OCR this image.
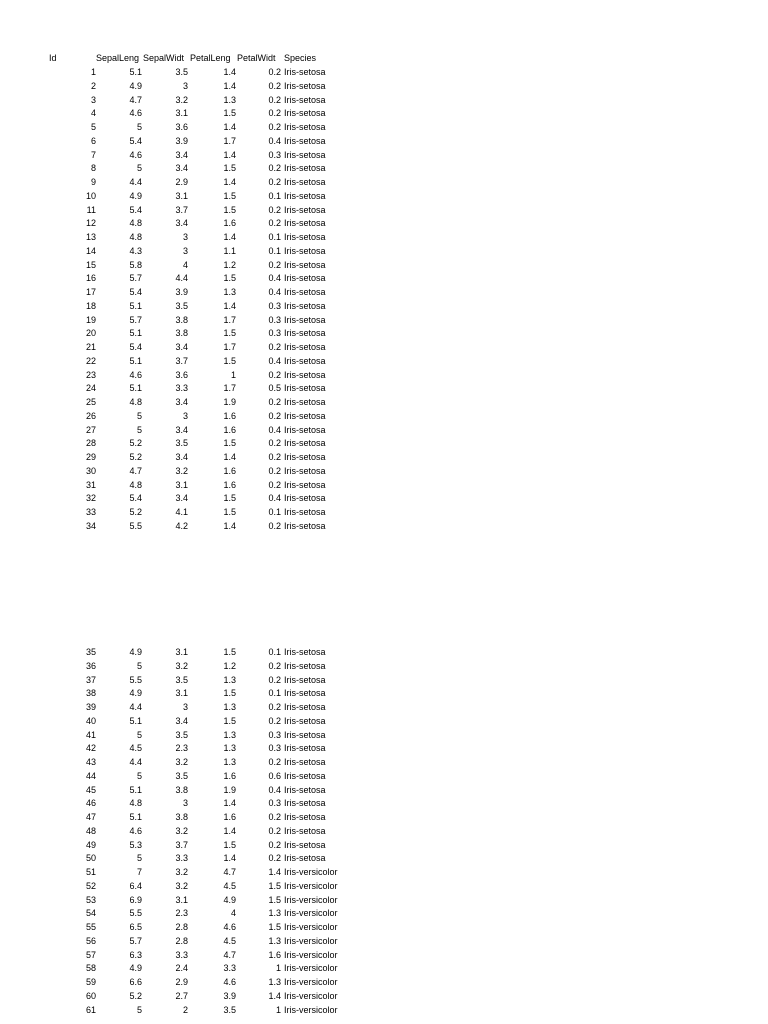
Id	SepalLeng SepalWidt PetalLeng PetalWidt Species
1	5.1	3.5	1.4	0.2 Iris-setosa
2	4.9	3	1.4	0.2 Iris-setosa
3	4.7	3.2	1.3	0.2 Iris-setosa
4	4.6	3.1	1.5	0.2 Iris-setosa
5	5	3.6	1.4	0.2 Iris-setosa
6	5.4	3.9	1.7	0.4 Iris-setosa
7	4.6	3.4	1.4	0.3 Iris-setosa
8	5	3.4	1.5	0.2 Iris-setosa
9	4.4	2.9	1.4	0.2 Iris-setosa
10	4.9	3.1	1.5	0.1 Iris-setosa
11	5.4	3.7	1.5	0.2 Iris-setosa
12	4.8	3.4	1.6	0.2 Iris-setosa
13	4.8	3	1.4	0.1 Iris-setosa
14	4.3	3	1.1	0.1 Iris-setosa
15	5.8	4	1.2	0.2 Iris-setosa
16	5.7	4.4	1.5	0.4 Iris-setosa
17	5.4	3.9	1.3	0.4 Iris-setosa
18	5.1	3.5	1.4	0.3 Iris-setosa
19	5.7	3.8	1.7	0.3 Iris-setosa
20	5.1	3.8	1.5	0.3 Iris-setosa
21	5.4	3.4	1.7	0.2 Iris-setosa
22	5.1	3.7	1.5	0.4 Iris-setosa
23	4.6	3.6	1	0.2 Iris-setosa
24	5.1	3.3	1.7	0.5 Iris-setosa
25	4.8	3.4	1.9	0.2 Iris-setosa
26	5	3	1.6	0.2 Iris-setosa
27	5	3.4	1.6	0.4 Iris-setosa
28	5.2	3.5	1.5	0.2 Iris-setosa
29	5.2	3.4	1.4	0.2 Iris-setosa
30	4.7	3.2	1.6	0.2 Iris-setosa
31	4.8	3.1	1.6	0.2 Iris-setosa
32	5.4	3.4	1.5	0.4 Iris-setosa
33	5.2	4.1	1.5	0.1 Iris-setosa
34	5.5	4.2	1.4	0.2 Iris-setosa
35	4.9	3.1	1.5	0.1 Iris-setosa
36	5	3.2	1.2	0.2 Iris-setosa
37	5.5	3.5	1.3	0.2 Iris-setosa
38	4.9	3.1	1.5	0.1 Iris-setosa
39	4.4	3	1.3	0.2 Iris-setosa
40	5.1	3.4	1.5	0.2 Iris-setosa
41	5	3.5	1.3	0.3 Iris-setosa
42	4.5	2.3	1.3	0.3 Iris-setosa
43	4.4	3.2	1.3	0.2 Iris-setosa
44	5	3.5	1.6	0.6 Iris-setosa
45	5.1	3.8	1.9	0.4 Iris-setosa
46	4.8	3	1.4	0.3 Iris-setosa
47	5.1	3.8	1.6	0.2 Iris-setosa
48	4.6	3.2	1.4	0.2 Iris-setosa
49	5.3	3.7	1.5	0.2 Iris-setosa
50	5	3.3	1.4	0.2 Iris-setosa
51	7	3.2	4.7	1.4 Iris-versicolor
52	6.4	3.2	4.5	1.5 Iris-versicolor
53	6.9	3.1	4.9	1.5 Iris-versicolor
54	5.5	2.3	4	1.3 Iris-versicolor
55	6.5	2.8	4.6	1.5 Iris-versicolor
56	5.7	2.8	4.5	1.3 Iris-versicolor
57	6.3	3.3	4.7	1.6 Iris-versicolor
58	4.9	2.4	3.3	1 Iris-versicolor
59	6.6	2.9	4.6	1.3 Iris-versicolor
60	5.2	2.7	3.9	1.4 Iris-versicolor
61	5	2	3.5	1 Iris-versicolor
